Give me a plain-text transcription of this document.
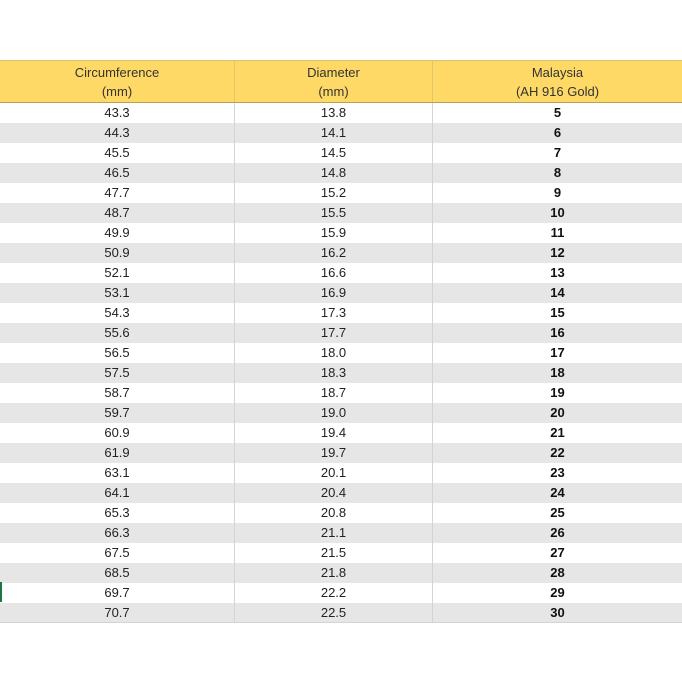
Circumference
(mm)
Diameter
(mm)
Malaysia
(AH 916 Gold)
43.3	13.8	5
44.3	14.1	6
45.5	14.5	7
46.5	14.8	8
47.7	15.2	9
48.7	15.5	10
49.9	15.9	11
50.9	16.2	12
52.1	16.6	13
53.1	16.9	14
54.3	17.3	15
55.6	17.7	16
56.5	18.0	17
57.5	18.3	18
58.7	18.7	19
59.7	19.0	20
60.9	19.4	21
61.9	19.7	22
63.1	20.1	23
64.1	20.4	24
65.3	20.8	25
66.3	21.1	26
67.5	21.5	27
68.5	21.8	28
69.7	22.2	29
70.7	22.5	30
